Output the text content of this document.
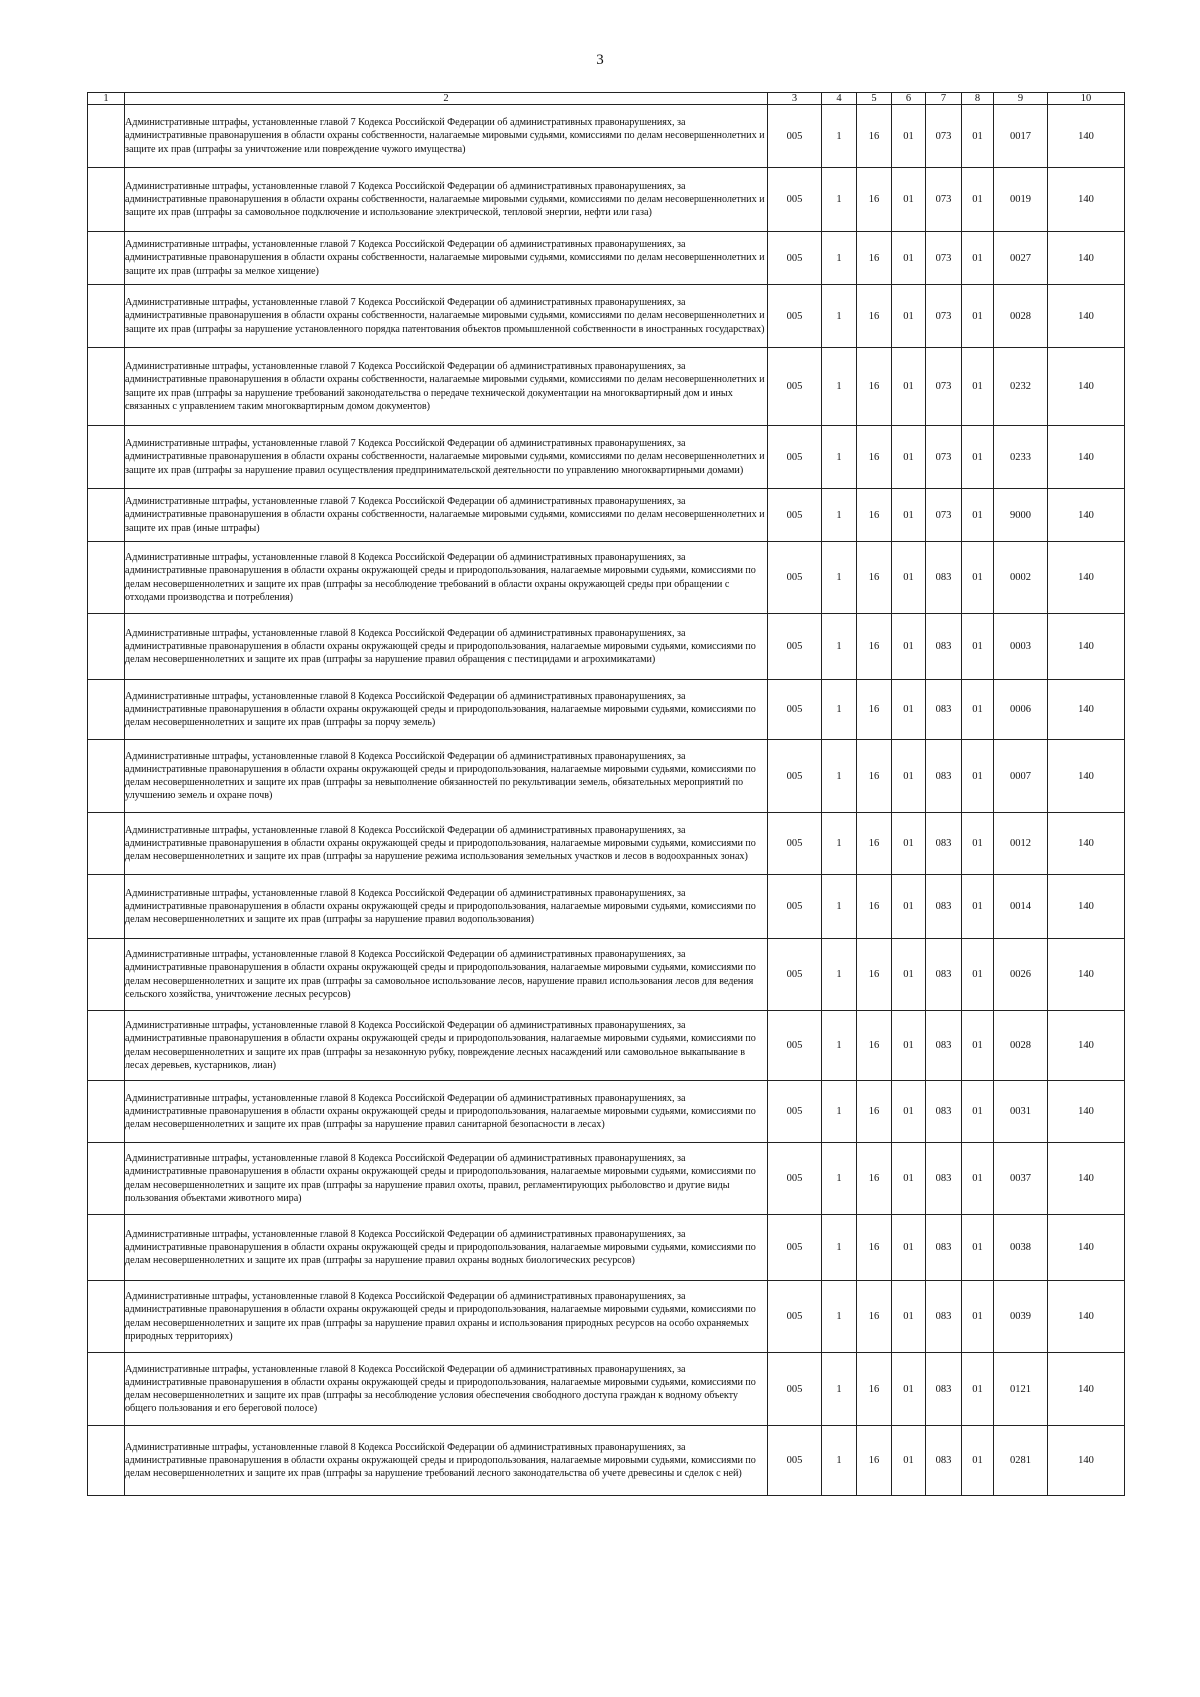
3
1	2	3	4	5	6	7	8	9	10
	Административные штрафы, установленные главой 7 Кодекса Российской Федерации об административных правонарушениях, за административные правонарушения в области охраны собственности, налагаемые мировыми судьями, комиссиями по делам несовершеннолетних и защите их прав (штрафы за уничтожение или повреждение чужого имущества)	005	1	16	01	073	01	0017	140
	Административные штрафы, установленные главой 7 Кодекса Российской Федерации об административных правонарушениях, за административные правонарушения в области охраны собственности, налагаемые мировыми судьями, комиссиями по делам несовершеннолетних и защите их прав (штрафы за самовольное подключение и использование электрической, тепловой энергии, нефти или газа)	005	1	16	01	073	01	0019	140
	Административные штрафы, установленные главой 7 Кодекса Российской Федерации об административных правонарушениях, за административные правонарушения в области охраны собственности, налагаемые мировыми судьями, комиссиями по делам несовершеннолетних и защите их прав (штрафы за мелкое хищение)	005	1	16	01	073	01	0027	140
	Административные штрафы, установленные главой 7 Кодекса Российской Федерации об административных правонарушениях, за административные правонарушения в области охраны собственности, налагаемые мировыми судьями, комиссиями по делам несовершеннолетних и защите их прав (штрафы за нарушение установленного порядка патентования объектов промышленной собственности в иностранных государствах)	005	1	16	01	073	01	0028	140
	Административные штрафы, установленные главой 7 Кодекса Российской Федерации об административных правонарушениях, за административные правонарушения в области охраны собственности, налагаемые мировыми судьями, комиссиями по делам несовершеннолетних и защите их прав (штрафы за нарушение требований законодательства о передаче технической документации на многоквартирный дом и иных связанных с управлением таким многоквартирным домом документов)	005	1	16	01	073	01	0232	140
	Административные штрафы, установленные главой 7 Кодекса Российской Федерации об административных правонарушениях, за административные правонарушения в области охраны собственности, налагаемые мировыми судьями, комиссиями по делам несовершеннолетних и защите их прав (штрафы за нарушение правил осуществления предпринимательской деятельности по управлению многоквартирными домами)	005	1	16	01	073	01	0233	140
	Административные штрафы, установленные главой 7 Кодекса Российской Федерации об административных правонарушениях, за административные правонарушения в области охраны собственности, налагаемые мировыми судьями, комиссиями по делам несовершеннолетних и защите их прав (иные штрафы)	005	1	16	01	073	01	9000	140
	Административные штрафы, установленные главой 8 Кодекса Российской Федерации об административных правонарушениях, за административные правонарушения в области охраны окружающей среды и природопользования, налагаемые мировыми судьями, комиссиями по делам несовершеннолетних и защите их прав (штрафы за несоблюдение требований в области охраны окружающей среды при обращении с отходами производства и потребления)	005	1	16	01	083	01	0002	140
	Административные штрафы, установленные главой 8 Кодекса Российской Федерации об административных правонарушениях, за административные правонарушения в области охраны окружающей среды и природопользования, налагаемые мировыми судьями, комиссиями по делам несовершеннолетних и защите их прав (штрафы за нарушение правил обращения с пестицидами и агрохимикатами)	005	1	16	01	083	01	0003	140
	Административные штрафы, установленные главой 8 Кодекса Российской Федерации об административных правонарушениях, за административные правонарушения в области охраны окружающей среды и природопользования, налагаемые мировыми судьями, комиссиями по делам несовершеннолетних и защите их прав (штрафы за порчу земель)	005	1	16	01	083	01	0006	140
	Административные штрафы, установленные главой 8 Кодекса Российской Федерации об административных правонарушениях, за административные правонарушения в области охраны окружающей среды и природопользования, налагаемые мировыми судьями, комиссиями по делам несовершеннолетних и защите их прав (штрафы за невыполнение обязанностей по рекультивации земель, обязательных мероприятий по улучшению земель и охране почв)	005	1	16	01	083	01	0007	140
	Административные штрафы, установленные главой 8 Кодекса Российской Федерации об административных правонарушениях, за административные правонарушения в области охраны окружающей среды и природопользования, налагаемые мировыми судьями, комиссиями по делам несовершеннолетних и защите их прав (штрафы за нарушение режима использования земельных участков и лесов в водоохранных зонах)	005	1	16	01	083	01	0012	140
	Административные штрафы, установленные главой 8 Кодекса Российской Федерации об административных правонарушениях, за административные правонарушения в области охраны окружающей среды и природопользования, налагаемые мировыми судьями, комиссиями по делам несовершеннолетних и защите их прав (штрафы за нарушение правил водопользования)	005	1	16	01	083	01	0014	140
	Административные штрафы, установленные главой 8 Кодекса Российской Федерации об административных правонарушениях, за административные правонарушения в области охраны окружающей среды и природопользования, налагаемые мировыми судьями, комиссиями по делам несовершеннолетних и защите их прав (штрафы за самовольное использование лесов, нарушение правил использования лесов для ведения сельского хозяйства, уничтожение лесных ресурсов)	005	1	16	01	083	01	0026	140
	Административные штрафы, установленные главой 8 Кодекса Российской Федерации об административных правонарушениях, за административные правонарушения в области охраны окружающей среды и природопользования, налагаемые мировыми судьями, комиссиями по делам несовершеннолетних и защите их прав (штрафы за незаконную рубку, повреждение лесных насаждений или самовольное выкапывание в лесах деревьев, кустарников, лиан)	005	1	16	01	083	01	0028	140
	Административные штрафы, установленные главой 8 Кодекса Российской Федерации об административных правонарушениях, за административные правонарушения в области охраны окружающей среды и природопользования, налагаемые мировыми судьями, комиссиями по делам несовершеннолетних и защите их прав (штрафы за нарушение правил санитарной безопасности в лесах)	005	1	16	01	083	01	0031	140
	Административные штрафы, установленные главой 8 Кодекса Российской Федерации об административных правонарушениях, за административные правонарушения в области охраны окружающей среды и природопользования, налагаемые мировыми судьями, комиссиями по делам несовершеннолетних и защите их прав (штрафы за нарушение правил охоты, правил, регламентирующих рыболовство и другие виды пользования объектами животного мира)	005	1	16	01	083	01	0037	140
	Административные штрафы, установленные главой 8 Кодекса Российской Федерации об административных правонарушениях, за административные правонарушения в области охраны окружающей среды и природопользования, налагаемые мировыми судьями, комиссиями по делам несовершеннолетних и защите их прав (штрафы за нарушение правил охраны водных биологических ресурсов)	005	1	16	01	083	01	0038	140
	Административные штрафы, установленные главой 8 Кодекса Российской Федерации об административных правонарушениях, за административные правонарушения в области охраны окружающей среды и природопользования, налагаемые мировыми судьями, комиссиями по делам несовершеннолетних и защите их прав (штрафы за нарушение правил охраны и использования природных ресурсов на особо охраняемых природных территориях)	005	1	16	01	083	01	0039	140
	Административные штрафы, установленные главой 8 Кодекса Российской Федерации об административных правонарушениях, за административные правонарушения в области охраны окружающей среды и природопользования, налагаемые мировыми судьями, комиссиями по делам несовершеннолетних и защите их прав (штрафы за несоблюдение условия обеспечения свободного доступа граждан к водному объекту общего пользования и его береговой полосе)	005	1	16	01	083	01	0121	140
	Административные штрафы, установленные главой 8 Кодекса Российской Федерации об административных правонарушениях, за административные правонарушения в области охраны окружающей среды и природопользования, налагаемые мировыми судьями, комиссиями по делам несовершеннолетних и защите их прав (штрафы за нарушение требований лесного законодательства об учете древесины и сделок с ней)	005	1	16	01	083	01	0281	140
